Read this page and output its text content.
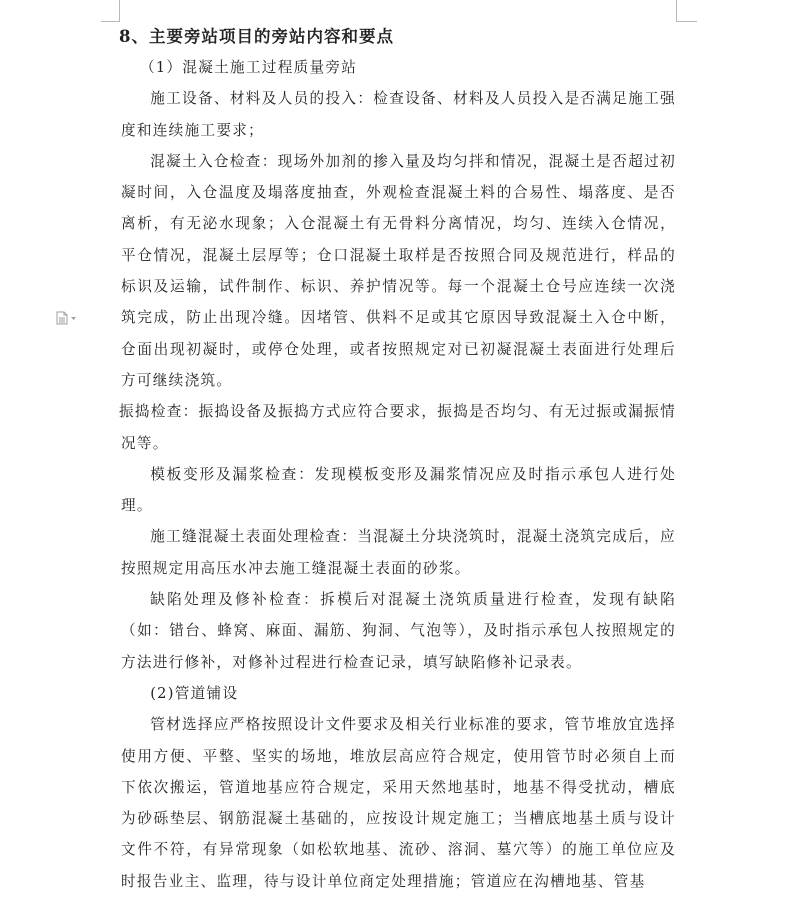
8、主要旁站项目的旁站内容和要点

（1）混凝土施工过程质量旁站

施工设备、材料及人员的投入：检查设备、材料及人员投入是否满足施工强度和连续施工要求；

混凝土入仓检查：现场外加剂的掺入量及均匀拌和情况，混凝土是否超过初凝时间，入仓温度及塌落度抽查，外观检查混凝土料的合易性、塌落度、是否离析，有无泌水现象；入仓混凝土有无骨料分离情况，均匀、连续入仓情况，平仓情况，混凝土层厚等；仓口混凝土取样是否按照合同及规范进行，样品的标识及运输，试件制作、标识、养护情况等。每一个混凝土仓号应连续一次浇筑完成，防止出现冷缝。因堵管、供料不足或其它原因导致混凝土入仓中断，仓面出现初凝时，或停仓处理，或者按照规定对已初凝混凝土表面进行处理后方可继续浇筑。

振捣检查：振捣设备及振捣方式应符合要求，振捣是否均匀、有无过振或漏振情况等。

模板变形及漏浆检查：发现模板变形及漏浆情况应及时指示承包人进行处理。

施工缝混凝土表面处理检查：当混凝土分块浇筑时，混凝土浇筑完成后，应按照规定用高压水冲去施工缝混凝土表面的砂浆。

缺陷处理及修补检查：拆模后对混凝土浇筑质量进行检查，发现有缺陷（如：错台、蜂窝、麻面、漏筋、狗洞、气泡等），及时指示承包人按照规定的方法进行修补，对修补过程进行检查记录，填写缺陷修补记录表。

(2)管道铺设

管材选择应严格按照设计文件要求及相关行业标准的要求，管节堆放宜选择使用方便、平整、坚实的场地，堆放层高应符合规定，使用管节时必须自上而下依次搬运，管道地基应符合规定，采用天然地基时，地基不得受扰动，槽底为砂砾垫层、钢筋混凝土基础的，应按设计规定施工；当槽底地基土质与设计文件不符，有异常现象（如松软地基、流砂、溶洞、墓穴等）的施工单位应及时报告业主、监理，待与设计单位商定处理措施；管道应在沟槽地基、管基
